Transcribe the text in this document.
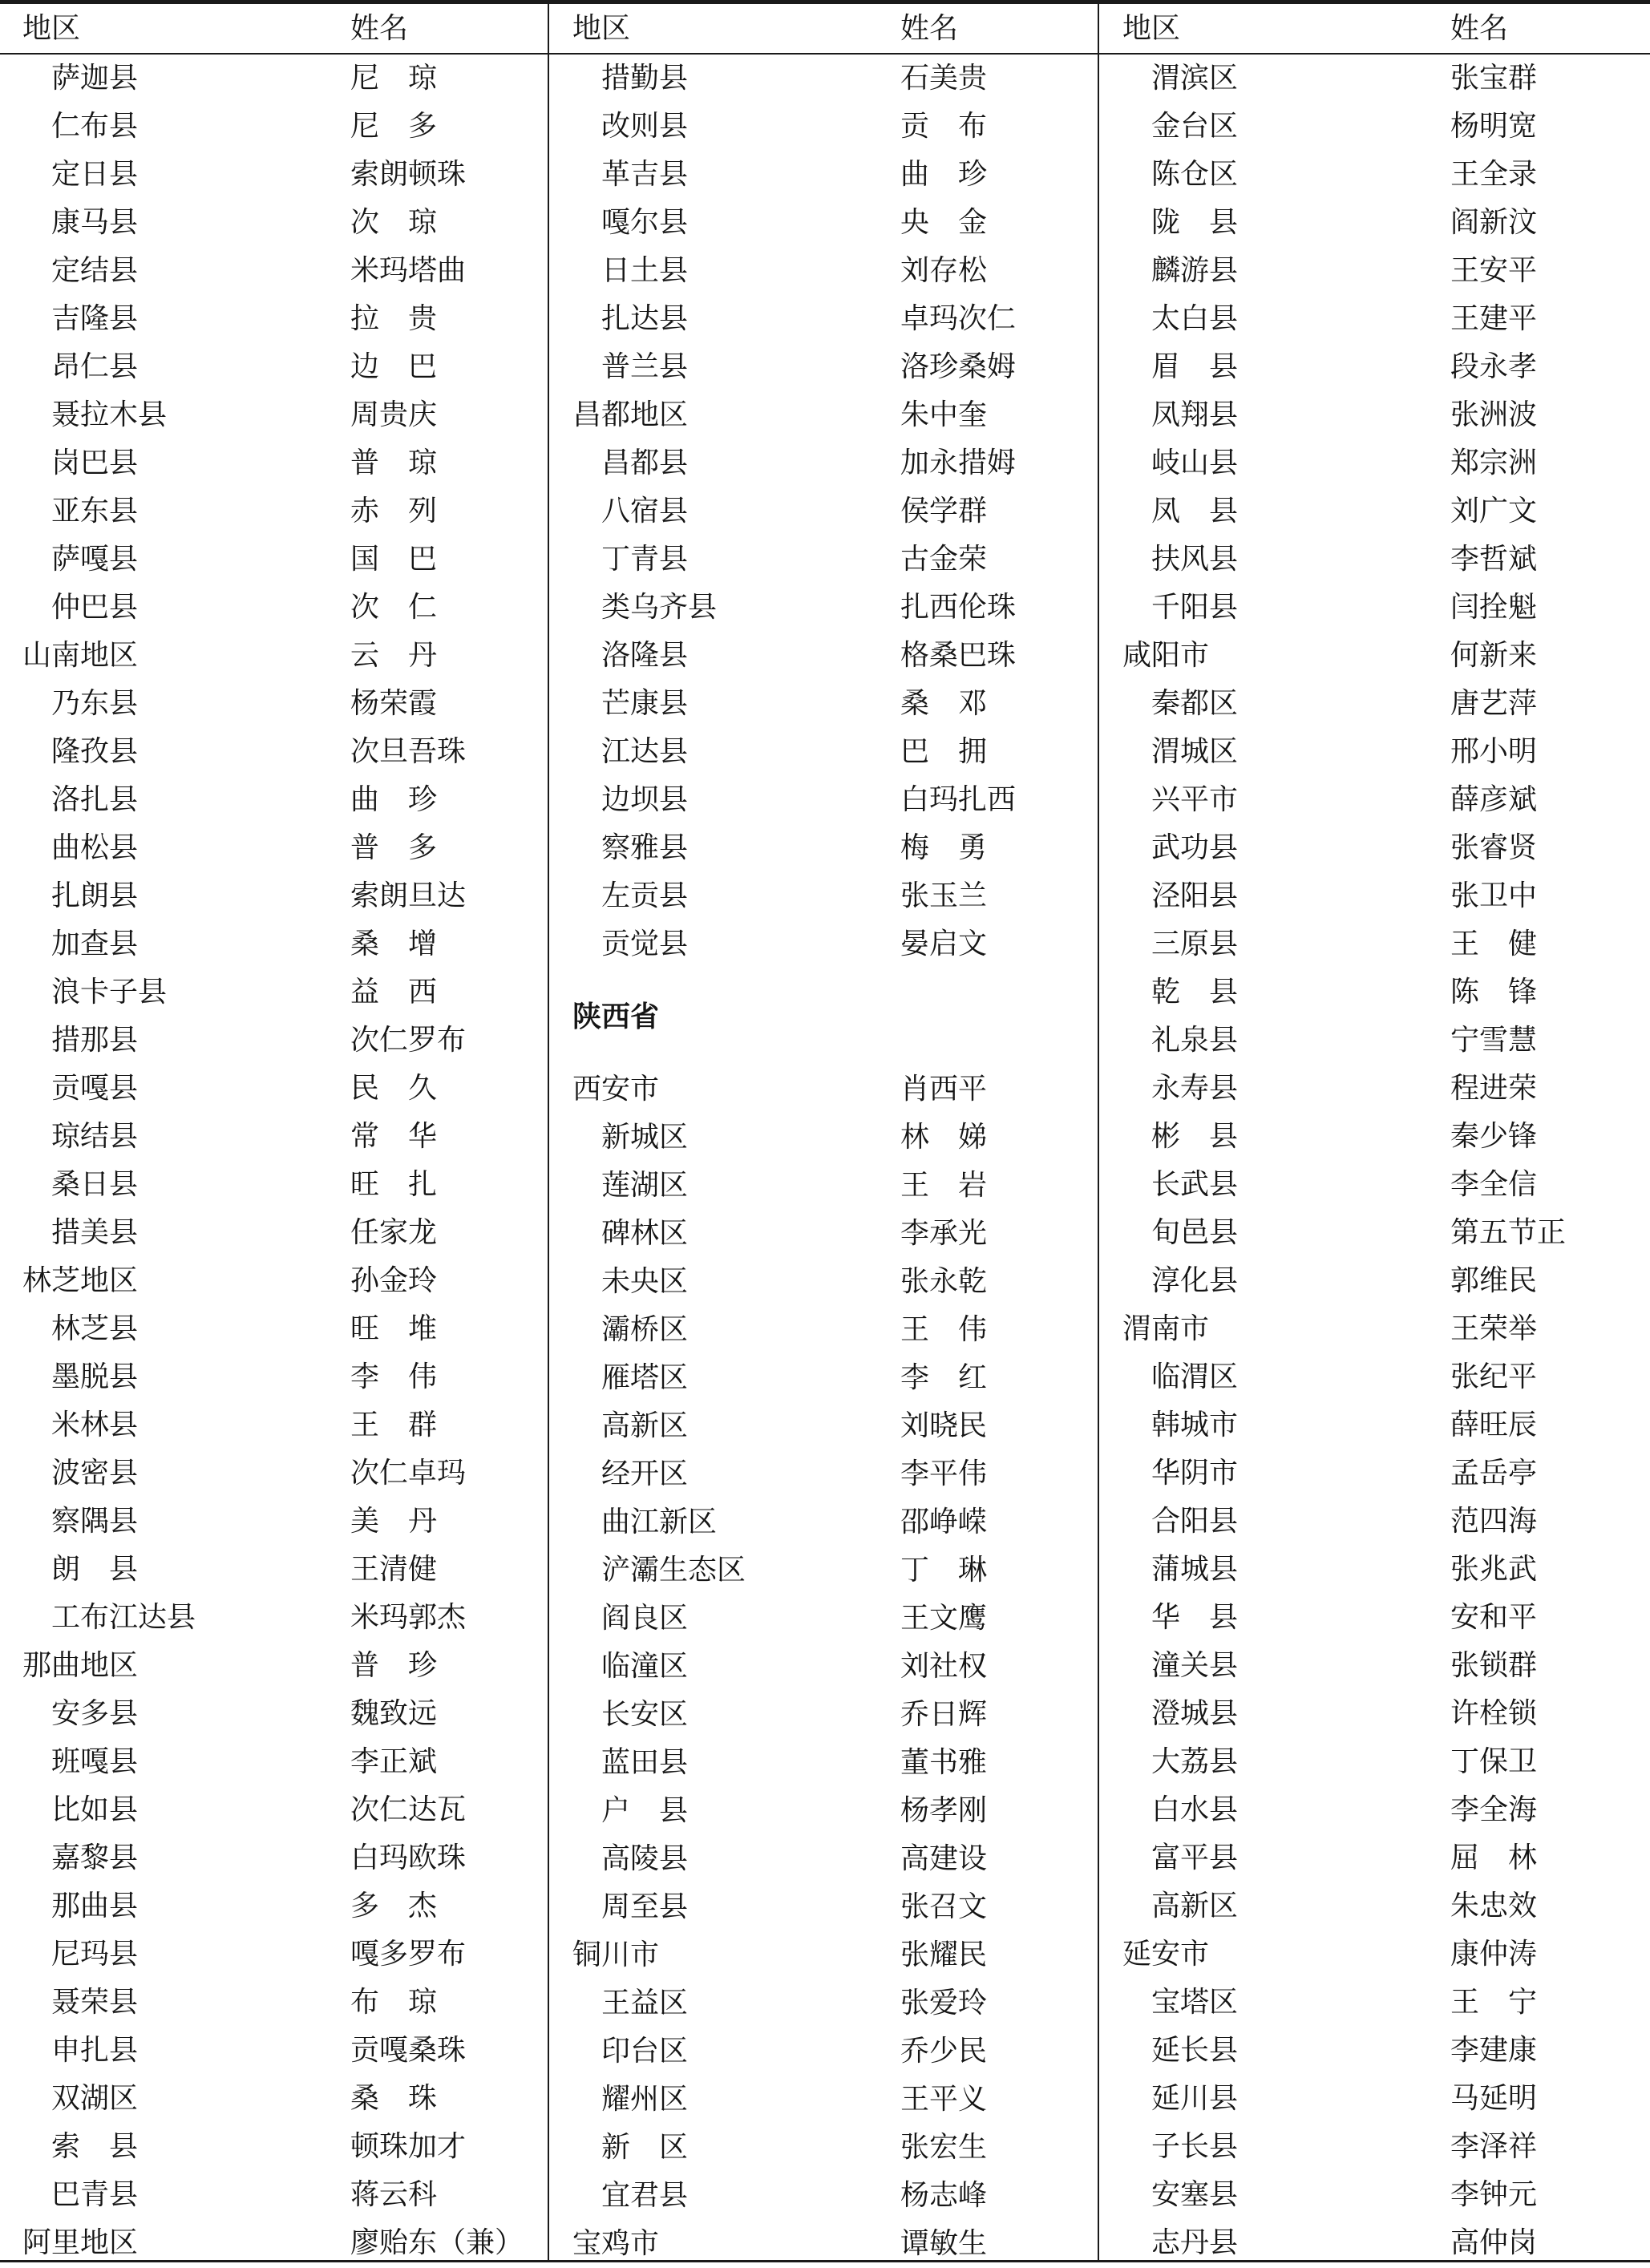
地区	姓名
萨迦县	尼　琼
仁布县	尼　多
定日县	索朗顿珠
康马县	次　琼
定结县	米玛塔曲
吉隆县	拉　贵
昂仁县	边　巴
聂拉木县	周贵庆
岗巴县	普　琼
亚东县	赤　列
萨嘎县	国　巴
仲巴县	次　仁
山南地区	云　丹
乃东县	杨荣霞
隆孜县	次旦吾珠
洛扎县	曲　珍
曲松县	普　多
扎朗县	索朗旦达
加查县	桑　增
浪卡子县	益　西
措那县	次仁罗布
贡嘎县	民　久
琼结县	常　华
桑日县	旺　扎
措美县	任家龙
林芝地区	孙金玲
林芝县	旺　堆
墨脱县	李　伟
米林县	王　群
波密县	次仁卓玛
察隅县	美　丹
朗　县	王清健
工布江达县	米玛郭杰
那曲地区	普　珍
安多县	魏致远
班嘎县	李正斌
比如县	次仁达瓦
嘉黎县	白玛欧珠
那曲县	多　杰
尼玛县	嘎多罗布
聂荣县	布　琼
申扎县	贡嘎桑珠
双湖区	桑　珠
索　县	顿珠加才
巴青县	蒋云科
阿里地区	廖贻东（兼）
地区	姓名
措勤县	石美贵
改则县	贡　布
革吉县	曲　珍
嘎尔县	央　金
日土县	刘存松
扎达县	卓玛次仁
普兰县	洛珍桑姆
昌都地区	朱中奎
昌都县	加永措姆
八宿县	侯学群
丁青县	古金荣
类乌齐县	扎西伦珠
洛隆县	格桑巴珠
芒康县	桑　邓
江达县	巴　拥
边坝县	白玛扎西
察雅县	梅　勇
左贡县	张玉兰
贡觉县	晏启文
陕西省
西安市	肖西平
新城区	林　娣
莲湖区	王　岩
碑林区	李承光
未央区	张永乾
灞桥区	王　伟
雁塔区	李　红
高新区	刘晓民
经开区	李平伟
曲江新区	邵峥嵘
浐灞生态区	丁　琳
阎良区	王文鹰
临潼区	刘社权
长安区	乔日辉
蓝田县	董书雅
户　县	杨孝刚
高陵县	高建设
周至县	张召文
铜川市	张耀民
王益区	张爱玲
印台区	乔少民
耀州区	王平义
新　区	张宏生
宜君县	杨志峰
宝鸡市	谭敏生
地区	姓名
渭滨区	张宝群
金台区	杨明宽
陈仓区	王全录
陇　县	阎新汶
麟游县	王安平
太白县	王建平
眉　县	段永孝
凤翔县	张洲波
岐山县	郑宗洲
凤　县	刘广文
扶风县	李哲斌
千阳县	闫拴魁
咸阳市	何新来
秦都区	唐艺萍
渭城区	邢小明
兴平市	薛彦斌
武功县	张睿贤
泾阳县	张卫中
三原县	王　健
乾　县	陈　锋
礼泉县	宁雪慧
永寿县	程进荣
彬　县	秦少锋
长武县	李全信
旬邑县	第五节正
淳化县	郭维民
渭南市	王荣举
临渭区	张纪平
韩城市	薛旺辰
华阴市	孟岳亭
合阳县	范四海
蒲城县	张兆武
华　县	安和平
潼关县	张锁群
澄城县	许栓锁
大荔县	丁保卫
白水县	李全海
富平县	屈　林
高新区	朱忠效
延安市	康仲涛
宝塔区	王　宁
延长县	李建康
延川县	马延明
子长县	李泽祥
安塞县	李钟元
志丹县	高仲岗
